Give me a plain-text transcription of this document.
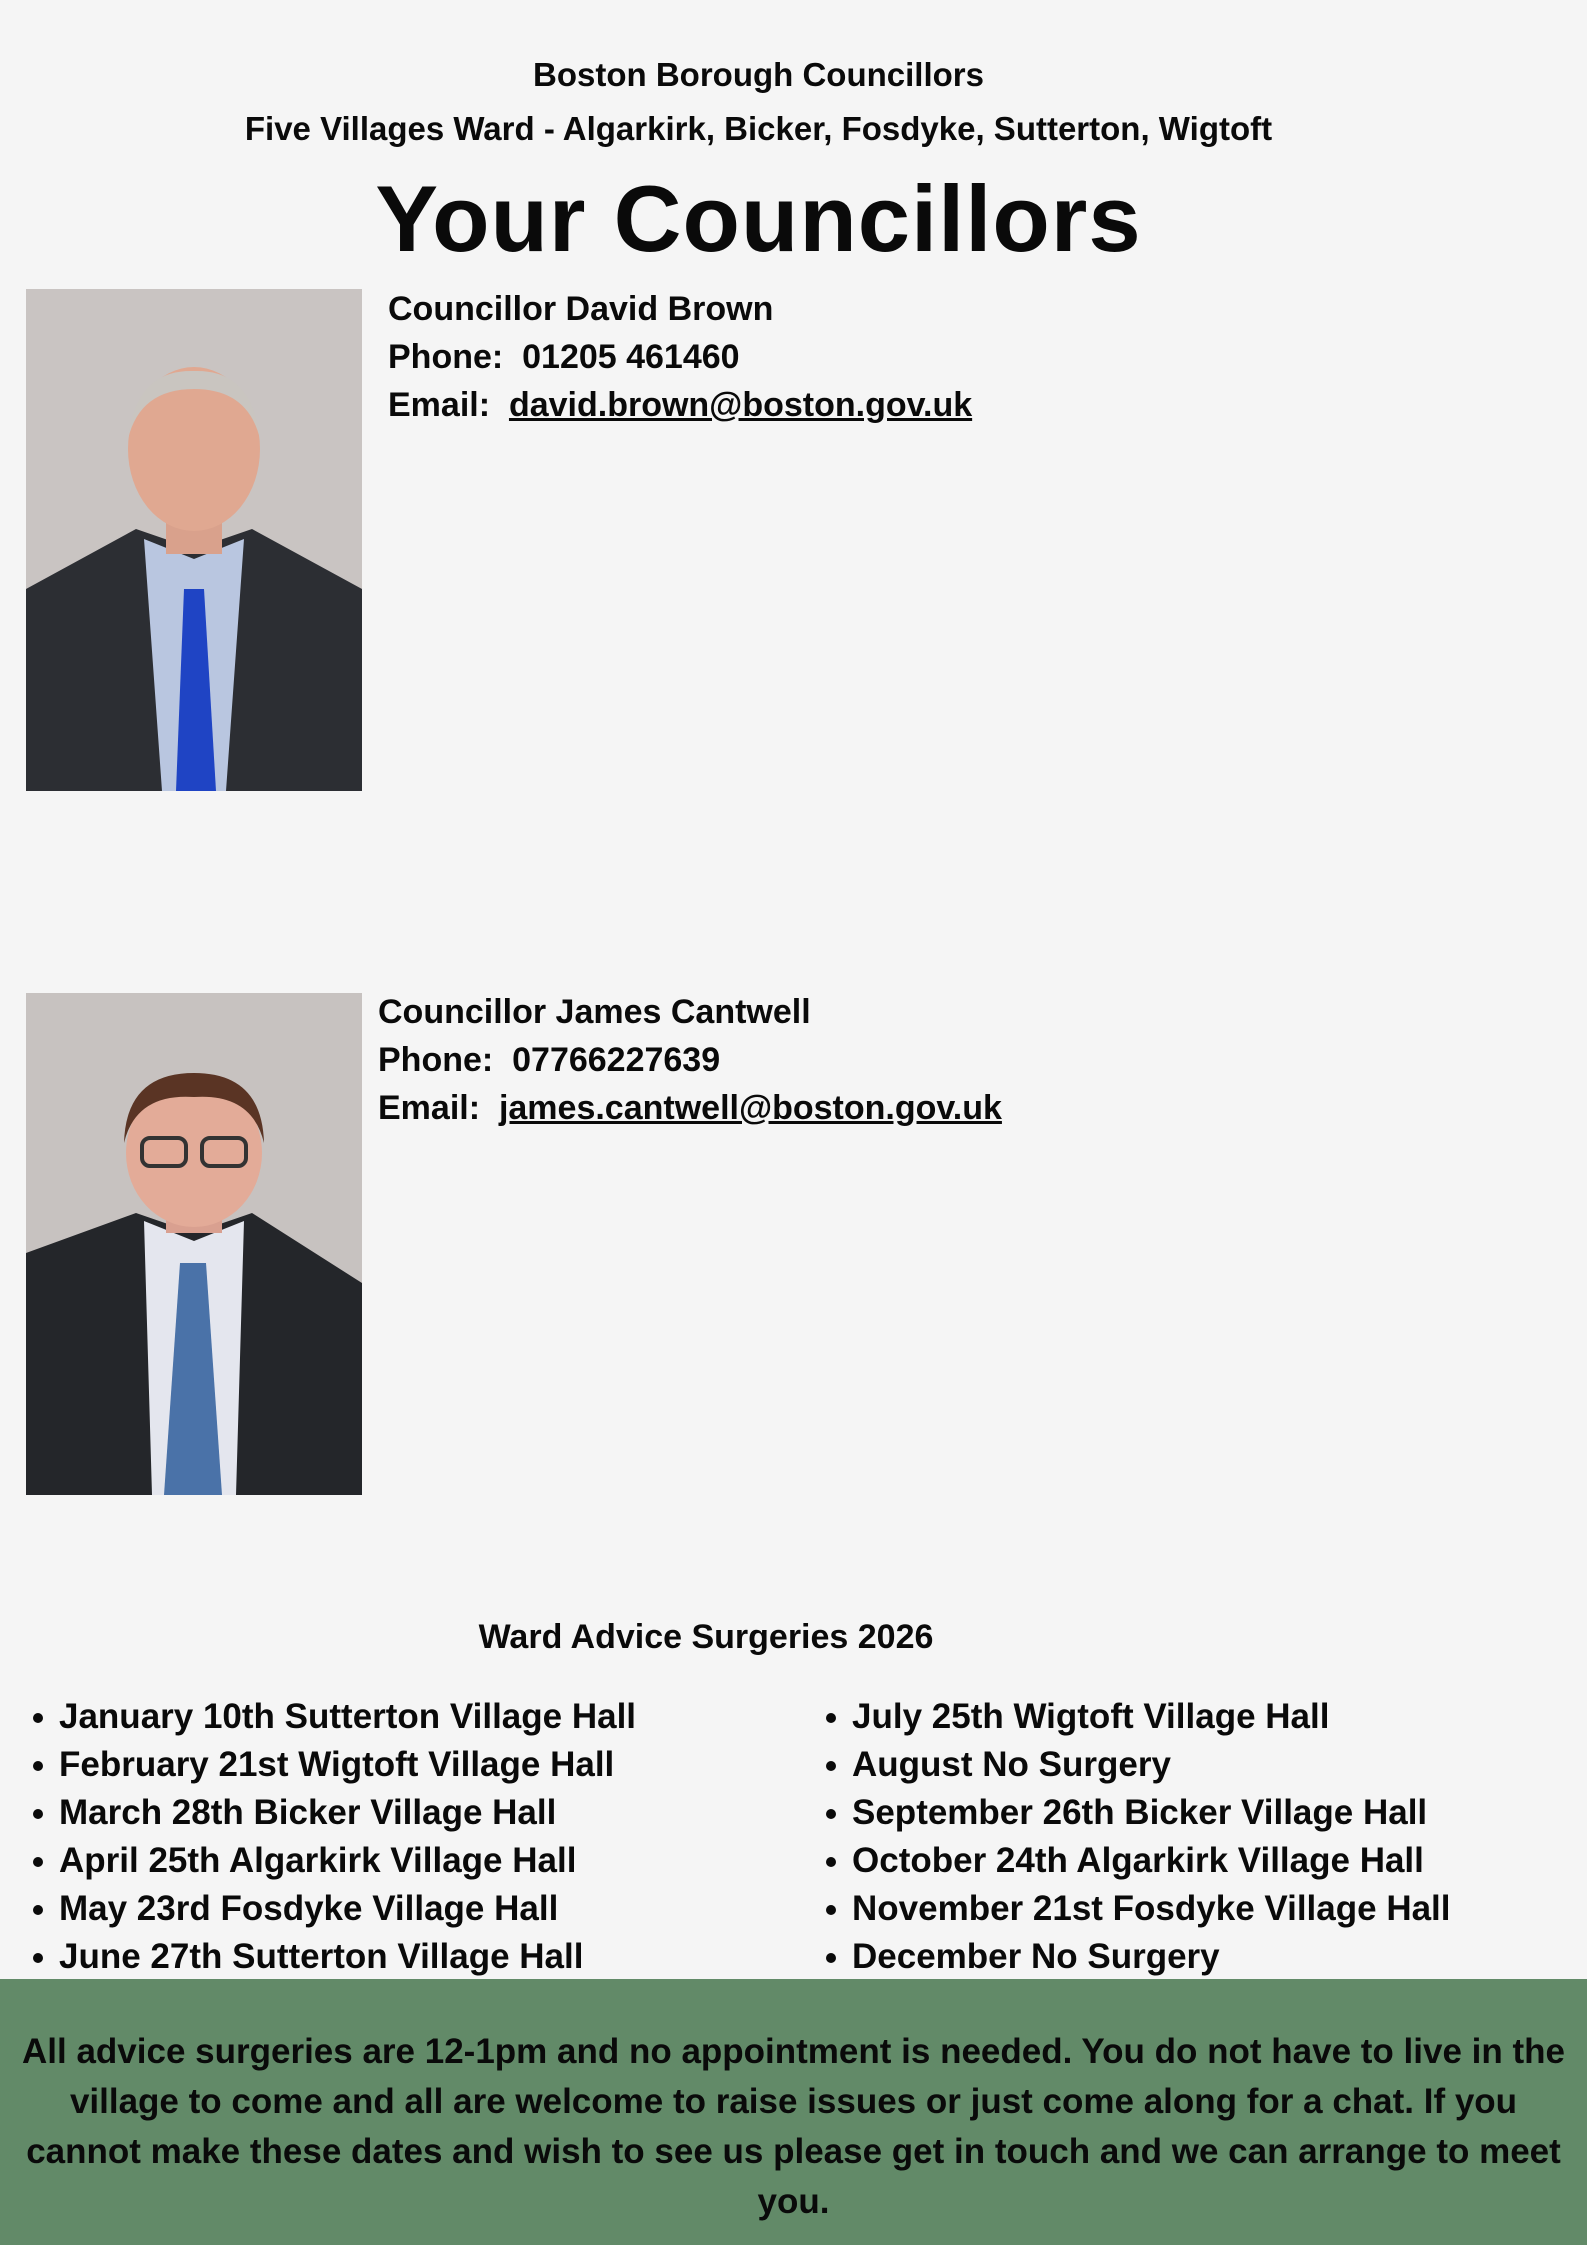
Boston Borough Councillors
Five Villages Ward - Algarkirk, Bicker, Fosdyke, Sutterton, Wigtoft
Your Councillors
Councillor David Brown
Phone: 01205 461460
Email: david.brown@boston.gov.uk
Councillor James Cantwell
Phone: 07766227639
Email: james.cantwell@boston.gov.uk
Ward Advice Surgeries 2026
January 10th Sutterton Village Hall
February 21st Wigtoft Village Hall
March 28th Bicker Village Hall
April 25th Algarkirk Village Hall
May 23rd Fosdyke Village Hall
June 27th Sutterton Village Hall
July 25th Wigtoft Village Hall
August No Surgery
September 26th Bicker Village Hall
October 24th Algarkirk Village Hall
November 21st Fosdyke Village Hall
December No Surgery

All advice surgeries are 12-1pm and no appointment is needed. You do not have to live in the village to come and all are welcome to raise issues or just come along for a chat. If you cannot make these dates and wish to see us please get in touch and we can arrange to meet you.
